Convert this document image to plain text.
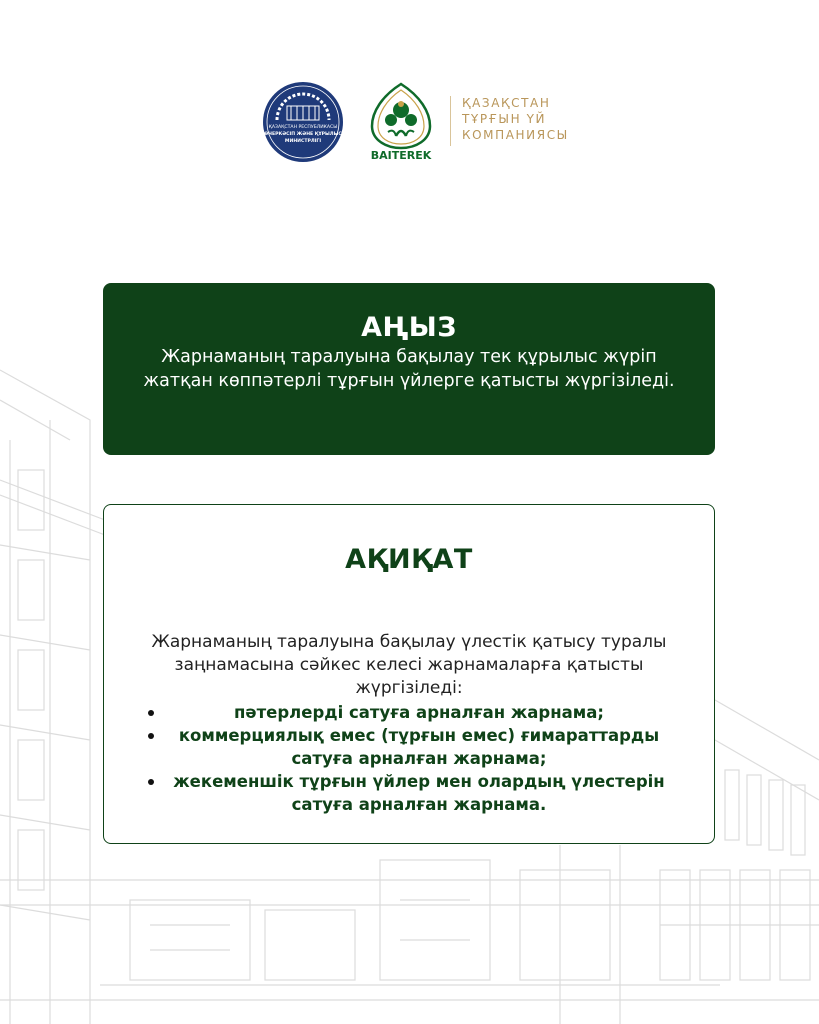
ҚАЗАҚСТАН РЕСПУБЛИКАСЫ
ӨНЕРКӘСІП ЖӘНЕ ҚҰРЫЛЫС
МИНИСТРЛІГІ
BAITEREK
ҚАЗАҚСТАН
ТҰРҒЫН ҮЙ
КОМПАНИЯСЫ
АҢЫЗ
Жарнаманың таралуына бақылау тек құрылыс жүріп жатқан көппәтерлі тұрғын үйлерге қатысты жүргізіледі.
АҚИҚАТ
Жарнаманың таралуына бақылау үлестік қатысу туралы заңнамасына сәйкес келесі жарнамаларға қатысты жүргізіледі:
пәтерлерді сатуға арналған жарнама;
коммерциялық емес (тұрғын емес) ғимараттарды сатуға арналған жарнама;
жекеменшік тұрғын үйлер мен олардың үлестерін сатуға арналған жарнама.
